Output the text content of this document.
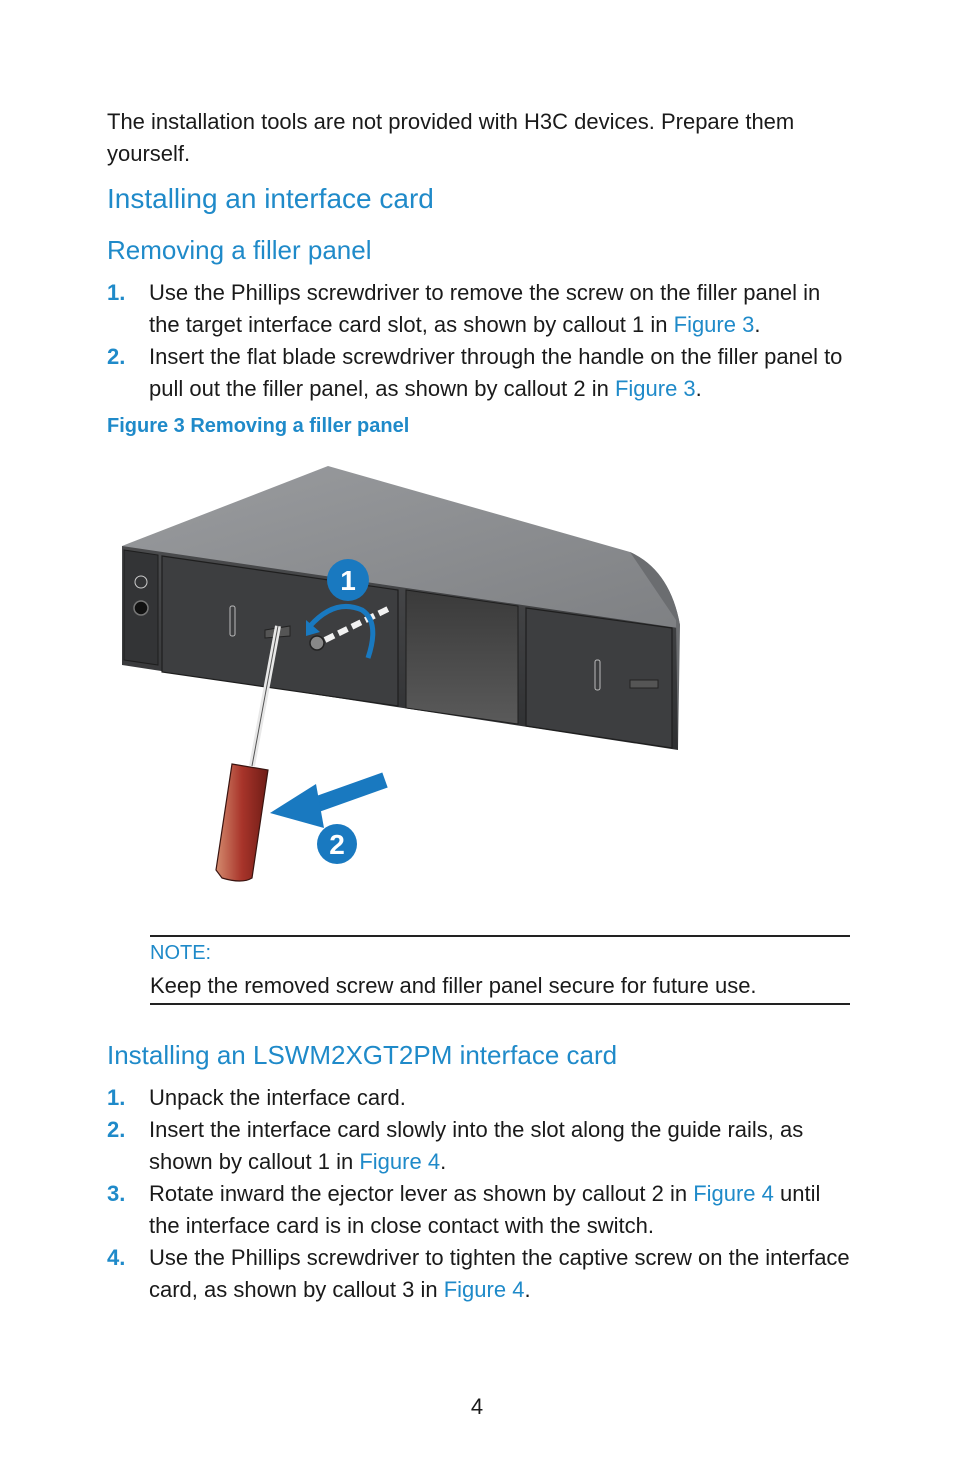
The installation tools are not provided with H3C devices. Prepare them yourself.

Installing an interface card
Removing a filler panel
1. Use the Phillips screwdriver to remove the screw on the filler panel in the target interface card slot, as shown by callout 1 in Figure 3.
2. Insert the flat blade screwdriver through the handle on the filler panel to pull out the filler panel, as shown by callout 2 in Figure 3.
Figure 3 Removing a filler panel
1
2
NOTE:
Keep the removed screw and filler panel secure for future use.
Installing an LSWM2XGT2PM interface card
1. Unpack the interface card.
2. Insert the interface card slowly into the slot along the guide rails, as shown by callout 1 in Figure 4.
3. Rotate inward the ejector lever as shown by callout 2 in Figure 4 until the interface card is in close contact with the switch.
4. Use the Phillips screwdriver to tighten the captive screw on the interface card, as shown by callout 3 in Figure 4.
4
